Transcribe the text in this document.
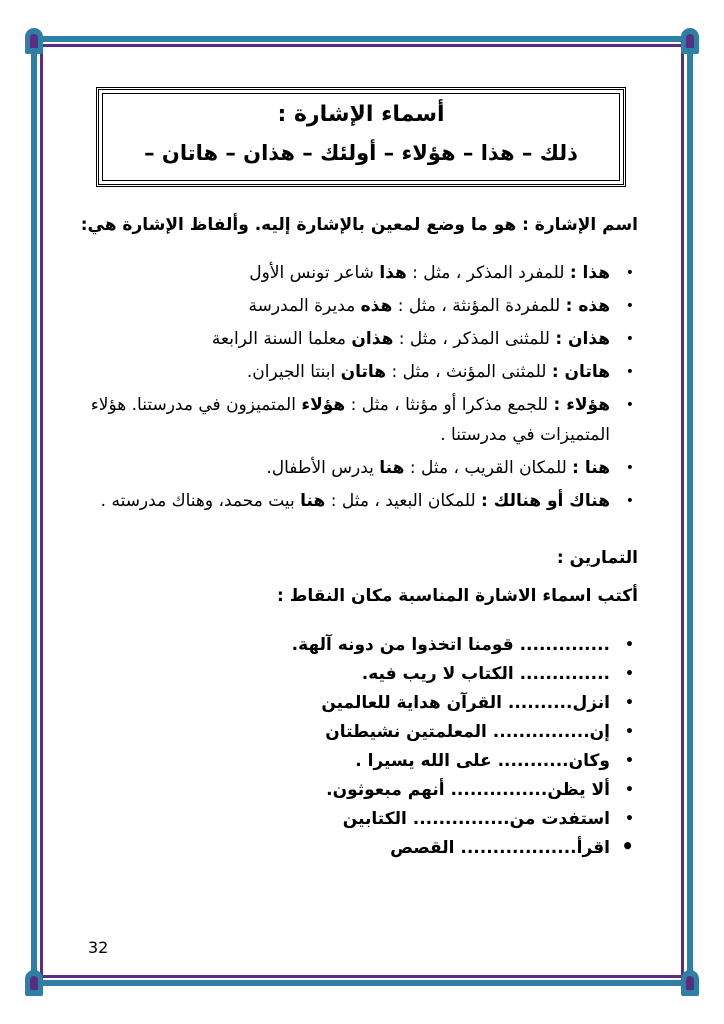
أسماء الإشارة :
ذلك – هذا – هؤلاء – أولئك – هذان – هاتان –
اسم الإشارة : هو ما وضع لمعين بالإشارة إليه. وألفاظ الإشارة هي:
• هذا : للمفرد المذكر ، مثل : هذا شاعر تونس الأول
• هذه : للمفردة المؤنثة ، مثل : هذه مديرة المدرسة
• هذان : للمثنى المذكر ، مثل : هذان معلما السنة الرابعة
• هاتان : للمثنى المؤنث ، مثل : هاتان ابنتا الجيران.
• هؤلاء : للجمع مذكرا أو مؤنثا ، مثل : هؤلاء المتميزون في مدرستنا. هؤلاء المتميزات في مدرستنا .
• هنا : للمكان القريب ، مثل : هنا يدرس الأطفال.
• هناك أو هنالك : للمكان البعيد ، مثل : هنا بيت محمد، وهناك مدرسته .
التمارين :
أكتب اسماء الاشارة المناسبة مكان النقاط :
• .............. قومنا اتخذوا من دونه آلهة.
• .............. الكتاب لا ريب فيه.
• انزل.......... القرآن هداية للعالمين
• إن............... المعلمتين نشيطتان
• وكان........... على الله يسيرا .
• ألا يظن............... أنهم مبعوثون.
• استفدت من............... الكتابين
• اقرأ.................. القصص
32
